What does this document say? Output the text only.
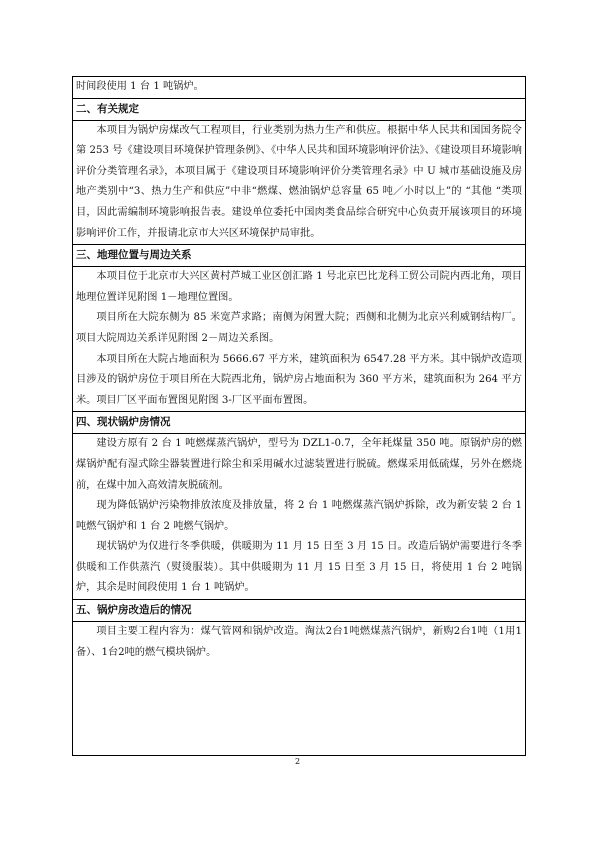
时间段使用 1 台 1 吨锅炉。

二、有关规定

本项目为锅炉房煤改气工程项目，行业类别为热力生产和供应。根据中华人民共和国国务院令第 253 号《建设项目环境保护管理条例》、《中华人民共和国环境影响评价法》、《建设项目环境影响评价分类管理名录》，本项目属于《建设项目环境影响评价分类管理名录》中 U 城市基础设施及房地产类别中“3、热力生产和供应”中非“燃煤、燃油锅炉总容量 65 吨／小时以上”的 “其他 “类项目，因此需编制环境影响报告表。建设单位委托中国肉类食品综合研究中心负责开展该项目的环境影响评价工作，并报请北京市大兴区环境保护局审批。

三、地理位置与周边关系

本项目位于北京市大兴区黄村芦城工业区创汇路 1 号北京巴比龙科工贸公司院内西北角，项目地理位置详见附图 1－地理位置图。

项目所在大院东侧为 85 米宽芦求路；南侧为闲置大院；西侧和北侧为北京兴利威钢结构厂。项目大院周边关系详见附图 2－周边关系图。

本项目所在大院占地面积为 5666.67 平方米，建筑面积为 6547.28 平方米。其中锅炉改造项目涉及的锅炉房位于项目所在大院西北角，锅炉房占地面积为 360 平方米，建筑面积为 264 平方米。项目厂区平面布置图见附图 3-厂区平面布置图。

四、现状锅炉房情况

建设方原有 2 台 1 吨燃煤蒸汽锅炉，型号为 DZL1-0.7，全年耗煤量 350 吨。原锅炉房的燃煤锅炉配有湿式除尘器装置进行除尘和采用碱水过滤装置进行脱硫。燃煤采用低硫煤，另外在燃烧前，在煤中加入高效清灰脱硫剂。

现为降低锅炉污染物排放浓度及排放量，将 2 台 1 吨燃煤蒸汽锅炉拆除，改为新安装 2 台 1 吨燃气锅炉和 1 台 2 吨燃气锅炉。

现状锅炉为仅进行冬季供暖，供暖期为 11 月 15 日至 3 月 15 日。改造后锅炉需要进行冬季供暖和工作供蒸汽（熨烫服装）。其中供暖期为 11 月 15 日至 3 月 15 日，将使用 1 台 2 吨锅炉，其余是时间段使用 1 台 1 吨锅炉。

五、锅炉房改造后的情况

项目主要工程内容为：煤气管网和锅炉改造。淘汰2台1吨燃煤蒸汽锅炉，新购2台1吨（1用1备）、1台2吨的燃气模块锅炉。

2
